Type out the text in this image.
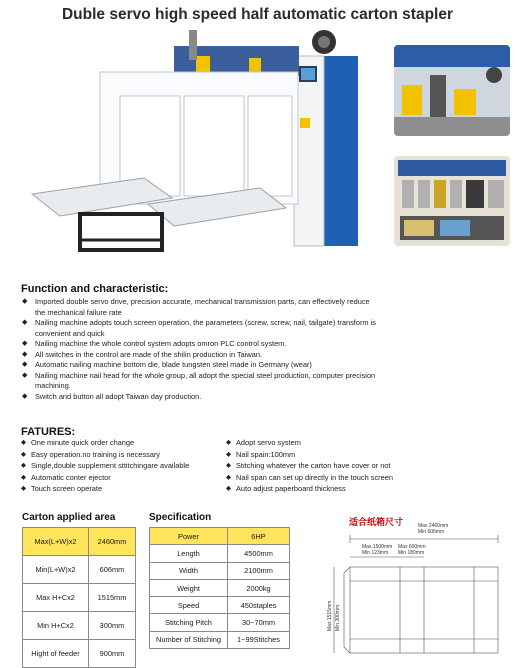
Duble servo high speed half automatic carton stapler
Function and characteristic:
◆ Imported double servo drive, precision accurate, mechanical transmission parts, can effectively reduce the mechanical failure rate
◆ Nailing machine adopts touch screen operation, the parameters (screw, screw, nail, tailgate) transform is convenient and quick
◆ Nailing machine the whole control system adopts omron PLC control system.
◆ All switches in the control are made of the shilin production in Taiwan.
◆ Automatic nailing machine bottom die, blade tungsten steel made in Germany (wear)
◆ Nailing machine nail head for the whole group, all adopt the special steel production, computer precision machining.
◆ Switch and button all adopt Taiwan day production.
FATURES:
◆ One minute quick order change
◆ Easy operation.no training is necessary
◆ Single,double supplement sttitchingare available
◆ Automatic conter ejector
◆ Touch screen operate
◆ Adopt servo system
◆ Nail spain:100mm
◆ Stitching whatever the carton have cover or not
◆ Nail span can set up directly in the touch screen
◆ Auto adjust paperboard thickness
Carton applied area
Max(L+W)x2	2460mm
Min(L+W)x2	606mm
Max H+Cx2	1515mm
Min H+Cx2	300mm
Hight of feeder	900mm
Specification
Power	6HP
Length	4500mm
Width	2100mm
Weight	2000kg
Speed	450staples
Stitching Pitch	30~70mm
Number of Stitching	1~99Stitches
适合纸箱尺寸	Max 2460mm
Min 606mm
Max 1500mm
Min 123mm
Max 600mm
Min 180mm
Max 1515mm Min 300mm
